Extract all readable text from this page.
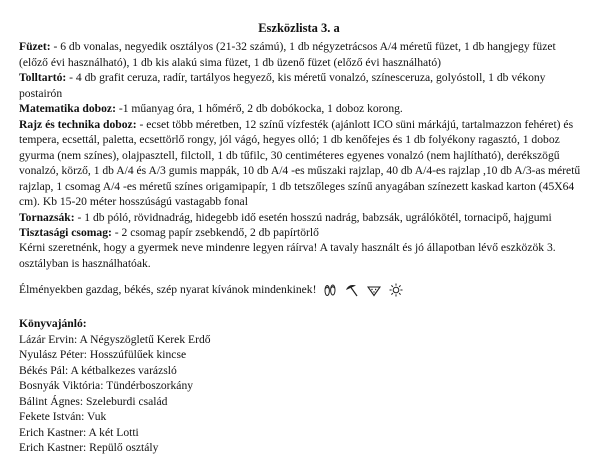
Eszközlista 3. a
Füzet: - 6 db vonalas, negyedik osztályos (21-32 számú), 1 db négyzetrácsos A/4 méretű füzet, 1 db hangjegy füzet (előző évi használható), 1 db kis alakú sima füzet, 1 db üzenő füzet (előző évi használható)
Tolltartó: - 4 db grafit ceruza, radír, tartályos hegyező, kis méretű vonalzó, színesceruza, golyóstoll, 1 db vékony postairón
Matematika doboz: -1 műanyag óra, 1 hőmérő, 2 db dobókocka, 1 doboz korong.
Rajz és technika doboz: - ecset több méretben, 12 színű vízfesték (ajánlott ICO süni márkájú, tartalmazzon fehéret) és tempera, ecsettál, paletta, ecsettörlő rongy, jól vágó, hegyes olló; 1 db kenőfejes és 1 db folyékony ragasztó, 1 doboz gyurma (nem színes), olajpasztell, filctoll, 1 db tűfilc, 30 centiméteres egyenes vonalzó (nem hajlítható), derékszögű vonalzó, körző, 1 db A/4 és A/3 gumis mappák, 10 db A/4 -es műszaki rajzlap, 40 db A/4-es rajzlap ,10 db A/3-as méretű rajzlap, 1 csomag A/4 -es méretű színes origamipapír, 1 db tetszőleges színű anyagában színezett kaskad karton (45X64 cm). Kb 15-20 méter hosszúságú vastagabb fonal
Tornazsák: - 1 db póló, rövidnadrág, hidegebb idő esetén hosszú nadrág, babzsák, ugrálókötél, tornacipő, hajgumi
Tisztasági csomag: - 2 csomag papír zsebkendő, 2 db papírtörlő
Kérni szeretnénk, hogy a gyermek neve mindenre legyen ráírva! A tavaly használt és jó állapotban lévő eszközök 3. osztályban is használhatóak.
Élményekben gazdag, békés, szép nyarat kívánok mindenkinek!
Könyvajánló:
Lázár Ervin: A Négyszögletű Kerek Erdő
Nyulász Péter: Hosszúfülűek kincse
Békés Pál: A kétbalkezes varázsló
Bosnyák Viktória: Tündérboszorkány
Bálint Ágnes: Szeleburdi család
Fekete István: Vuk
Erich Kastner: A két Lotti
Erich Kastner: Repülő osztály
